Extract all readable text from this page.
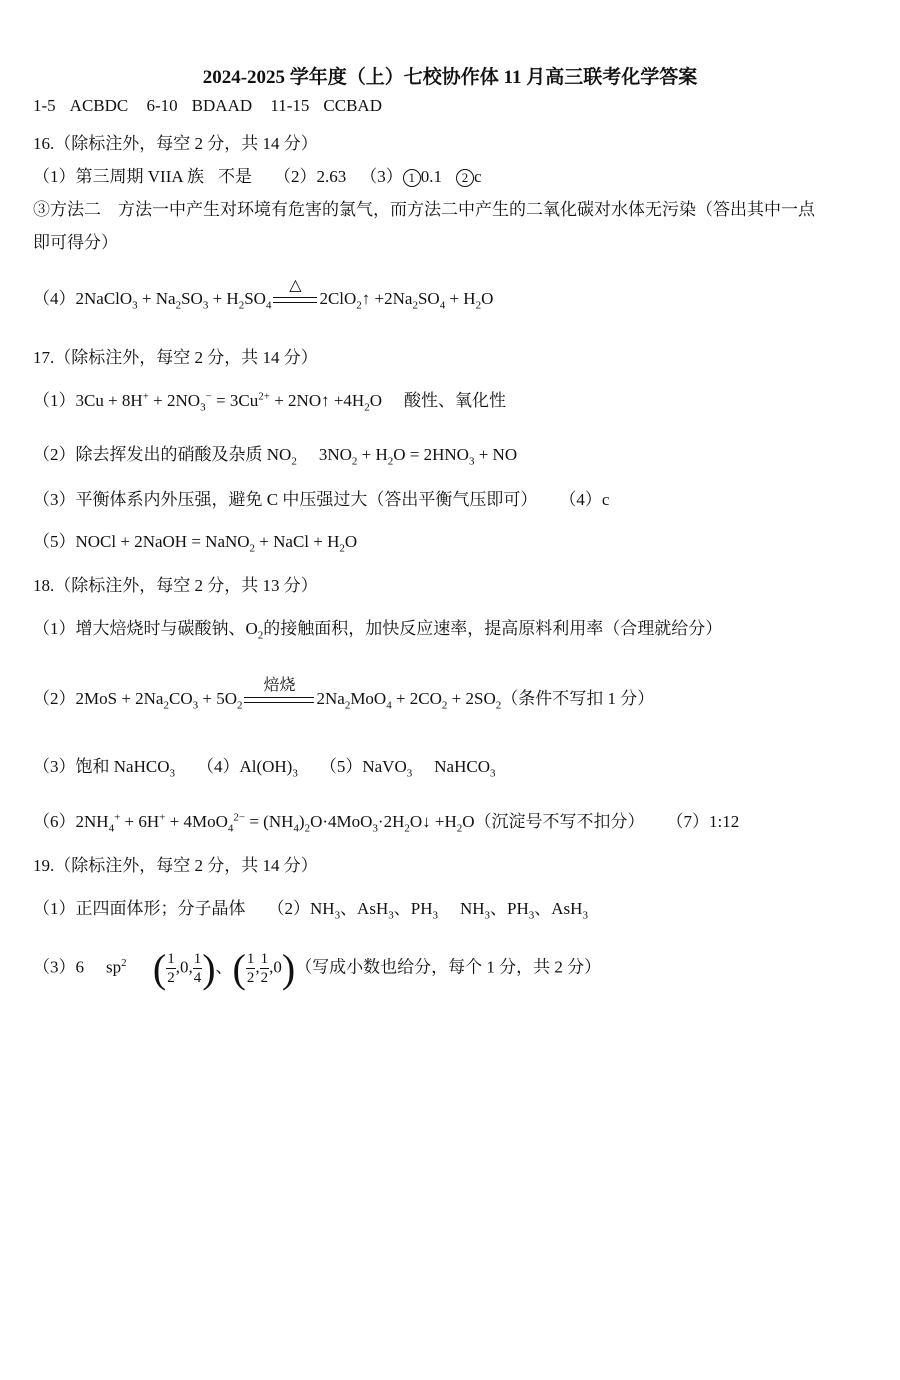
2024-2025 学年度（上）七校协作体 11 月高三联考化学答案
1-5 ACBDC 6-10 BDAAD 11-15 CCBAD
16.（除标注外，每空 2 分，共 14 分）
（1）第三周期 VIIA 族 不是 （2）2.63 （3） 1 0.1 2 c
③方法二　方法一中产生对环境有危害的氯气，而方法二中产生的二氧化碳对水体无污染（答出其中一点
即可得分）
（4）2NaClO$_3$ + $Na_2SO_3 + H_2SO_4$
△
2ClO$_2$↑ $+2Na_2SO_4 + H_2O$
17.（除标注外，每空 2 分，共 14 分）
$(1)3Cu + 8H^+ + 2NO_3^- = 3Cu^{2+}$ + 2NO↑ $+4H_2O$ 酸性、氧化性
（2）除去挥发出的硝酸及杂质 $NO_2$ $3NO_2 + H_2O = 2HNO_3$ + NO
（3）平衡体系内外压强，避免 C 中压强过大（答出平衡气压即可） （4）c
（5）NOCl + 2NaOH = NaNO$_2$ + NaCl + $H_2O$
18.（除标注外，每空 2 分，共 13 分）
（1）增大焙烧时与碳酸钠、$O_2$的接触面积，加快反应速率，提高原料利用率（合理就给分）
$(2)2MoS + 2Na_2CO_3 + 5O_2$
焙烧
$2Na_2MoO_4 + 2CO_2 + 2SO_2$（条件不写扣 1 分）
（3）饱和 NaHCO$_3$ $(4)Al(OH)_3$ （5）NaVO$_3$ NaHCO$_3$
$(6)2NH_4^+ + 6H^+ + 4MoO_4^{2-}$ = $(NH_4)_2O\cdot 4MoO_3\cdot 2H_2O↓ +H_2O$（沉淀号不写不扣分） （7）1:12
19.（除标注外，每空 2 分，共 14 分）
（1）正四面体形；分子晶体 $(2)NH_3$、AsH$_3$、$PH_3$ $NH_3$、$PH_3$、AsH$_3$
（3）6 $sp^2$ ( $\frac{1}{2} ,0$, $\frac{1}{4}$ )、( $\frac{1}{2}$ , $\frac{1}{2} ,0$)（写成小数也给分，每个 1 分，共 2 分）
